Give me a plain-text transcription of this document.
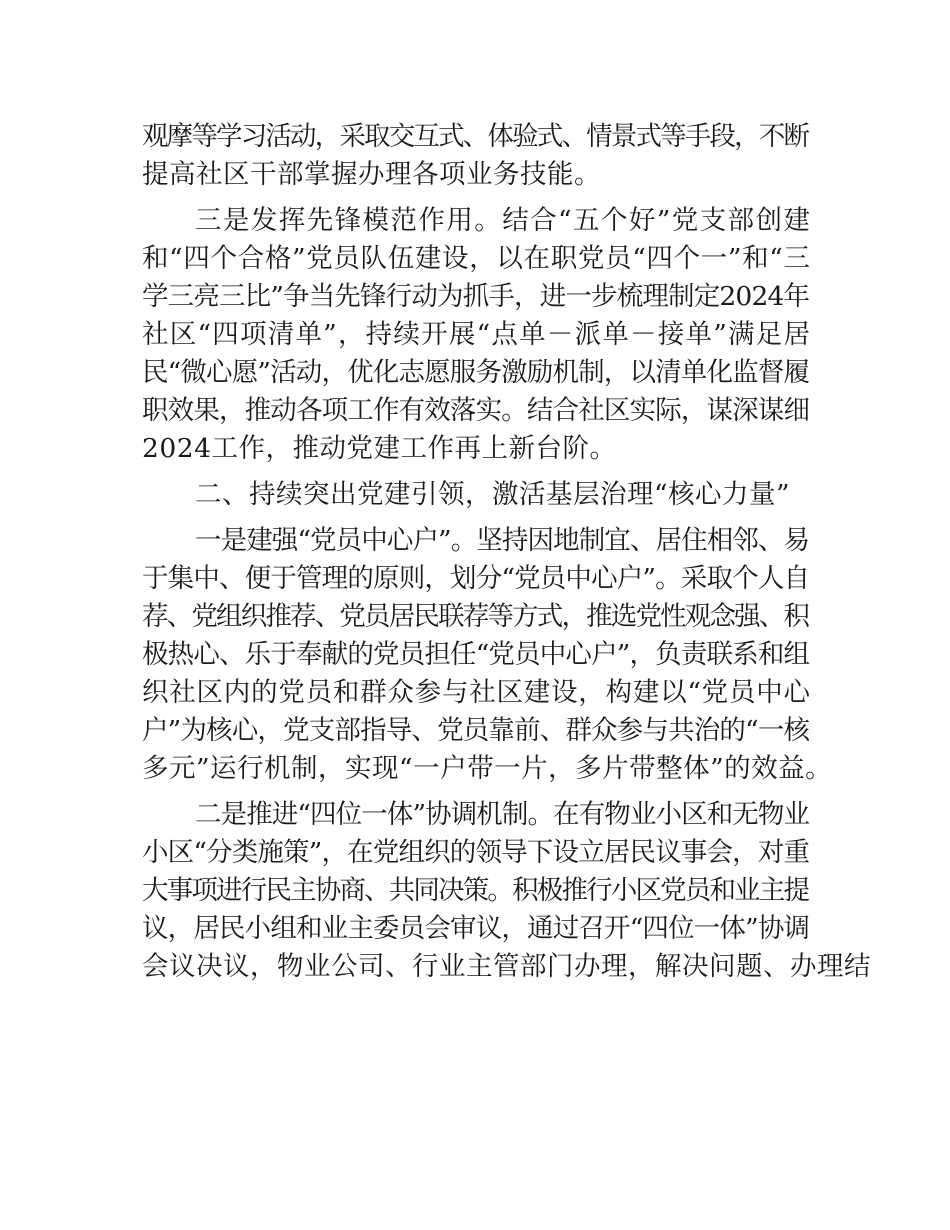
观摩等学习活动，采取交互式、体验式、情景式等手段，不断
提高社区干部掌握办理各项业务技能。
三是发挥先锋模范作用。结合“五个好”党支部创建
和“四个合格”党员队伍建设，以在职党员“四个一”和“三
学三亮三比”争当先锋行动为抓手，进一步梳理制定2024年
社区“四项清单”，持续开展“点单－派单－接单”满足居
民“微心愿”活动，优化志愿服务激励机制，以清单化监督履
职效果，推动各项工作有效落实。结合社区实际，谋深谋细
2024工作，推动党建工作再上新台阶。
二、持续突出党建引领，激活基层治理“核心力量”
一是建强“党员中心户”。坚持因地制宜、居住相邻、易
于集中、便于管理的原则，划分“党员中心户”。采取个人自
荐、党组织推荐、党员居民联荐等方式，推选党性观念强、积
极热心、乐于奉献的党员担任“党员中心户”，负责联系和组
织社区内的党员和群众参与社区建设，构建以“党员中心
户”为核心，党支部指导、党员靠前、群众参与共治的“一核
多元”运行机制，实现“一户带一片，多片带整体”的效益。
二是推进“四位一体”协调机制。在有物业小区和无物业
小区“分类施策”，在党组织的领导下设立居民议事会，对重
大事项进行民主协商、共同决策。积极推行小区党员和业主提
议，居民小组和业主委员会审议，通过召开“四位一体”协调
会议决议，物业公司、行业主管部门办理，解决问题、办理结
